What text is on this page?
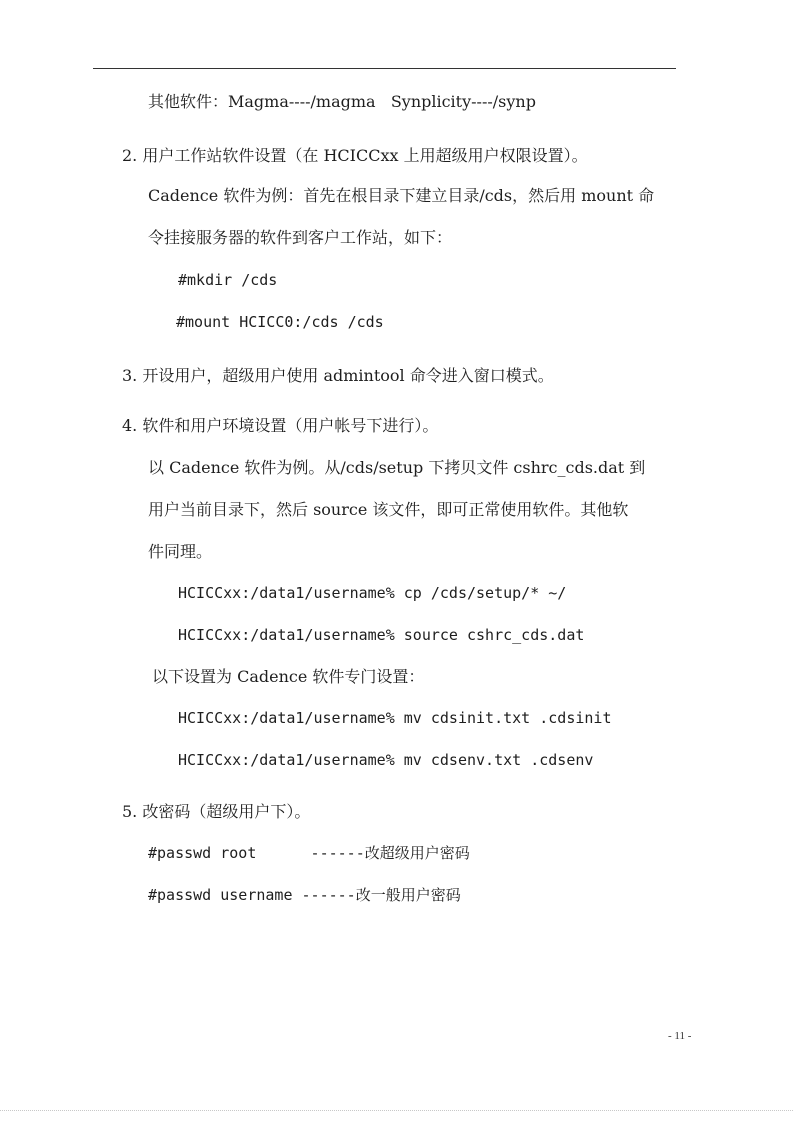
其他软件：Magma----/magma   Synplicity----/synp
2. 用户工作站软件设置（在 HCICCxx 上用超级用户权限设置）。
Cadence 软件为例：首先在根目录下建立目录/cds，然后用 mount 命
令挂接服务器的软件到客户工作站，如下：
#mkdir /cds
#mount HCICC0:/cds /cds
3. 开设用户，超级用户使用 admintool 命令进入窗口模式。
4. 软件和用户环境设置（用户帐号下进行）。
以 Cadence 软件为例。从/cds/setup 下拷贝文件 cshrc_cds.dat 到
用户当前目录下，然后 source 该文件，即可正常使用软件。其他软
件同理。
HCICCxx:/data1/username% cp /cds/setup/* ~/
HCICCxx:/data1/username% source cshrc_cds.dat
以下设置为 Cadence 软件专门设置：
HCICCxx:/data1/username% mv cdsinit.txt .cdsinit
HCICCxx:/data1/username% mv cdsenv.txt .cdsenv
5. 改密码（超级用户下）。
#passwd root      ------改超级用户密码
#passwd username ------改一般用户密码
- 11 -
